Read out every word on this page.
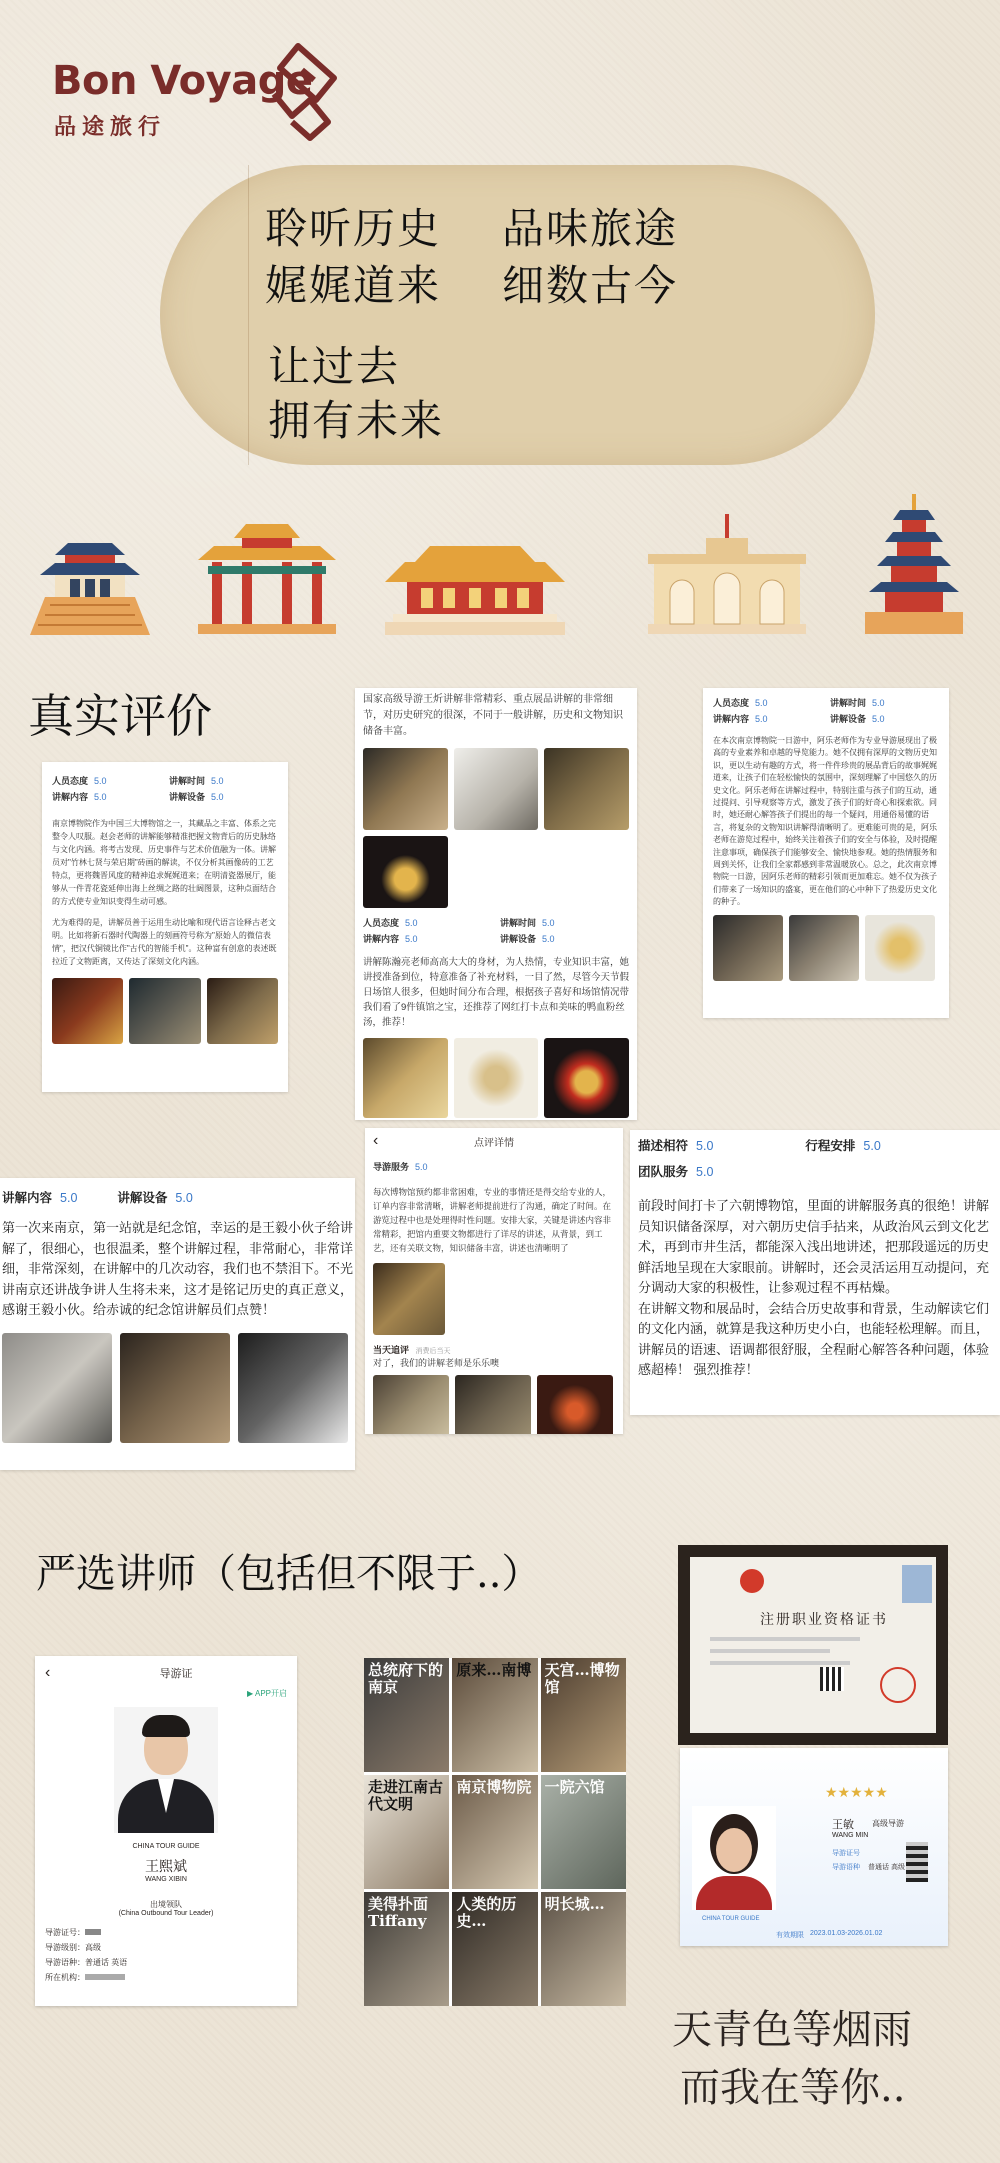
Bon Voyage
品途旅行
聆听历史 品味旅途
娓娓道来 细数古今
让过去
拥有未来
真实评价
人员态度 5.0	讲解时间 5.0
讲解内容 5.0	讲解设备 5.0
南京博物院作为中国三大博物馆之一，其藏品之丰富、体系之完整令人叹服。赵会老师的讲解能够精准把握文物背后的历史脉络与文化内涵。将考古发现、历史事件与艺术价值融为一体。讲解员对"竹林七贤与荣启期"砖画的解读，不仅分析其画像砖的工艺特点，更将魏晋风度的精神追求娓娓道来；在明清瓷器展厅，能够从一件青花瓷延伸出海上丝绸之路的壮阔图景，这种点面结合的方式使专业知识变得生动可感。
尤为难得的是，讲解员善于运用生动比喻和现代语言诠释古老文明。比如将新石器时代陶器上的刻画符号称为"原始人的微信表情"，把汉代铜镜比作"古代的智能手机"。这种富有创意的表述既拉近了文物距离，又传达了深刻文化内涵。
国家高级导游王炘讲解非常精彩、重点展品讲解的非常细节，对历史研究的很深，不同于一般讲解，历史和文物知识储备丰富。
人员态度 5.0	讲解时间 5.0
讲解内容 5.0	讲解设备 5.0
讲解陈瀚亮老师高高大大的身材，为人热情，专业知识丰富，她讲授准备到位，特意准备了补充材料，一目了然，尽管今天节假日场馆人很多，但她时间分布合理，根据孩子喜好和场馆情况带我们看了9件镇馆之宝，还推荐了网红打卡点和美味的鸭血粉丝汤，推荐！
人员态度 5.0	讲解时间 5.0
讲解内容 5.0	讲解设备 5.0
在本次南京博物院一日游中，阿乐老师作为专业导游展现出了极高的专业素养和卓越的导览能力。她不仅拥有深厚的文物历史知识，更以生动有趣的方式，将一件件珍贵的展品背后的故事娓娓道来，让孩子们在轻松愉快的氛围中，深刻理解了中国悠久的历史文化。阿乐老师在讲解过程中，特别注重与孩子们的互动，通过提问、引导观察等方式，激发了孩子们的好奇心和探索欲。同时，她还耐心解答孩子们提出的每一个疑问，用通俗易懂的语言，将复杂的文物知识讲解得清晰明了。更难能可贵的是，阿乐老师在游览过程中，始终关注着孩子们的安全与体验，及时提醒注意事项，确保孩子们能够安全、愉快地参观。她的热情服务和周到关怀，让我们全家都感到非常温暖放心。总之，此次南京博物院一日游，因阿乐老师的精彩引领而更加难忘。她不仅为孩子们带来了一场知识的盛宴，更在他们的心中种下了热爱历史文化的种子。
讲解内容 5.0	讲解设备 5.0
第一次来南京，第一站就是纪念馆，幸运的是王毅小伙子给讲解了，很细心，也很温柔，整个讲解过程，非常耐心，非常详细，非常深刻，在讲解中的几次动容，我们也不禁泪下。不光讲南京还讲战争讲人生将未来，这才是铭记历史的真正意义，感谢王毅小伙。给赤诚的纪念馆讲解员们点赞！
‹	点评详情
导游服务 5.0
每次博物馆预约都非常困难，专业的事情还是得交给专业的人，订单内容非常清晰，讲解老师提前进行了沟通，确定了时间。在游览过程中也是处理得时性问题。安排大家，关键是讲述内容非常精彩，把馆内重要文物都进行了详尽的讲述，从背景，到工艺，还有关联文物，知识储备丰富，讲述也清晰明了
当天追评 消费后当天
对了，我们的讲解老师是乐乐噢
描述相符 5.0	行程安排 5.0
团队服务 5.0
前段时间打卡了六朝博物馆，里面的讲解服务真的很绝！讲解员知识储备深厚，对六朝历史信手拈来，从政治风云到文化艺术，再到市井生活，都能深入浅出地讲述，把那段遥远的历史鲜活地呈现在大家眼前。讲解时，还会灵活运用互动提问，充分调动大家的积极性，让参观过程不再枯燥。
在讲解文物和展品时，会结合历史故事和背景，生动解读它们的文化内涵，就算是我这种历史小白，也能轻松理解。而且，讲解员的语速、语调都很舒服，全程耐心解答各种问题，体验感超棒！ 强烈推荐！
严选讲师（包括但不限于..）
‹	导游证
▶ APP开启
CHINA TOUR GUIDE
王熙斌
WANG XIBIN
出境领队
(China Outbound Tour Leader)
导游证号：
导游级别：高级
导游语种：普通话 英语
所在机构：
总统府下的南京
原来…南博 天宫…博物馆
走进江南古代文明
南京博物院 一院六馆
美得扑面Tiffany
人类的历史…
明长城…
注册职业资格证书
★★★★★
王敏 高级导游
WANG MIN
导游证号
导游语种 普通话 高级
CHINA TOUR GUIDE
有效期限 2023.01.03-2026.01.02
天青色等烟雨
而我在等你..
